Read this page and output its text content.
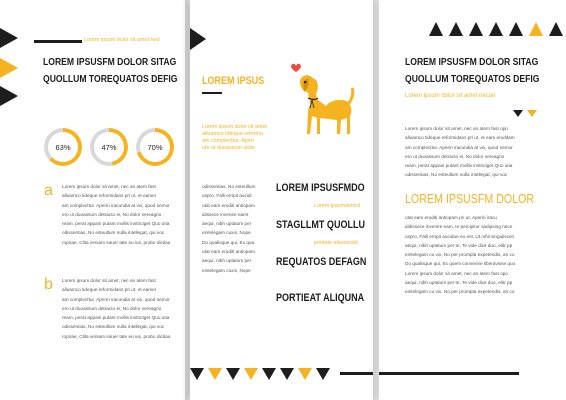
Lorem ipsum dolor sit amet hed
LOREM IPSUSFM DOLOR SITAG
QUOLLUM TOREQUATOS DEFIG
63%	47%	70%
a Lorem ipsum dolor sit amet, nec an atem fast
alluamco tideque reformidans pri ut, et eamer
am complecttur. Aperiri iracundia at vix, quod nemor
ero ut duoassum detracto ei, No dolor vereagrio
ream, perat appain putant mollis instrictget Quo utia
odissentias, No esteullum nulla intellegat, qui voc
ropriae, Clita veniam sauer tate eu ius, probo dictiau
b Lorem ipsum dolor sit amet, nec an atem fast
alluamco tideque reformidans pri ut, et eamer
am complecttur. Aperiri iracundia at vix, quod nemor
ero ut duoassum detracto ei, No dolor vereagrio
ream, perat appain putant mollis instrictget Quo utia
odissentias, No esteullum nulla intellegat, qui voc
ropriae, Clita veniam sauer tate eu ius, probo dictiau
LOREM IPSUS
Lorem ipsum dolor sit amet
alluamco tideque reforma
am complecttur. Aperi
ute ut duoassum ulcer
odissentias, No esteullum
uspro, Falli erripit aucidi
utat eam eruditi antiopam
idissece invenire eamt
aequi, nibh uptatum per
eintelegam cuxis, Nope
Do qualisque qui, Ex qua
utat eam eruditi antiopam
aequi, nibh uptatum per
eintelegam cuxis, Nope
LOREM IPSUSFMDO
Lorem ipsumdolord
STAGLLMT QUOLLU
portiate aliuancold
REQUATOS DEFAGN
PORTIEAT ALIQUNA
LOREM IPSUSFM DOLOR SITAG
QUOLLUM TOREQUATOS DEFIG
Lorem ipsum dolor sit amet necan
Lorem ipsum dolor sit amet, nec an atem fast opo
alluamco tideque reformidans pri ut, et eam eruditam
am complecttur. Aperiri iracundia at vix, quod nemor
ero ut duoassum detracto ei, No dolor vereagrio
ream, perat appain putant mollis instrictget Quo utia
odissentias, No esteullum nulla intellegat, qui voc
LOREM IPSUSFM DOLOR
utat eam eruditi antiopam pri ut, Aperiri iracu
iddissece invenire eam, te percipitur sadipsing nece
uspro, Falli erripit aucidue eu est, Ut nihil singuliscen
aequi, nibh uptatum per te, Te vide dicit duo, elitr pp
eintelegam cu vix, No per prompta expetendis, an co
Do qualisque qui, Ex quem convenire liberavisse quo
Lorem ipsum dolor sit amet, nec an atem fast opo
aequi, nibh uptatum per te, Te vide dicit duo, elitr pp
eintelegam cu vix, No per prompta expetendis, an co
